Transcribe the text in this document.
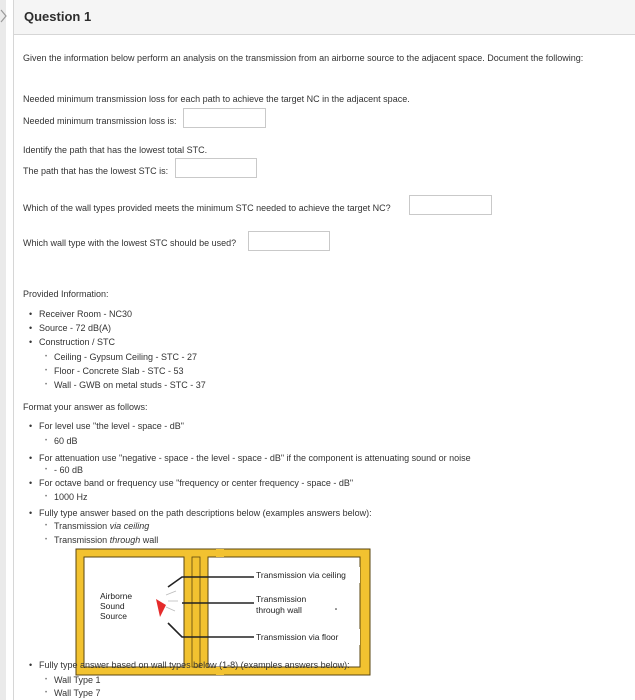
Question 1
Given the information below perform an analysis on the transmission from an airborne source to the adjacent space. Document the following:
Needed minimum transmission loss for each path to achieve the target NC in the adjacent space.
Needed minimum transmission loss is:
Identify the path that has the lowest total STC.
The path that has the lowest STC is:
Which of the wall types provided meets the minimum STC needed to achieve the target NC?
Which wall type with the lowest STC should be used?
Provided Information:
• Receiver Room - NC30
• Source - 72 dB(A)
• Construction / STC
• Ceiling - Gypsum Ceiling - STC - 27
• Floor - Concrete Slab - STC - 53
• Wall - GWB on metal studs - STC - 37
Format your answer as follows:
• For level use "the level - space - dB"
• 60 dB
• For attenuation use "negative - space - the level - space - dB" if the component is attenuating sound or noise
• - 60 dB
• For octave band or frequency use "frequency or center frequency - space - dB"
• 1000 Hz
• Fully type answer based on the path descriptions below (examples answers below):
• Transmission via ceiling
• Transmission through wall
Transmission via ceiling
Transmission
through wall
Transmission via floor
Airborne
Sound
Source
• Fully type answer based on wall types below (1-8) (examples answers below):
• Wall Type 1
• Wall Type 7
